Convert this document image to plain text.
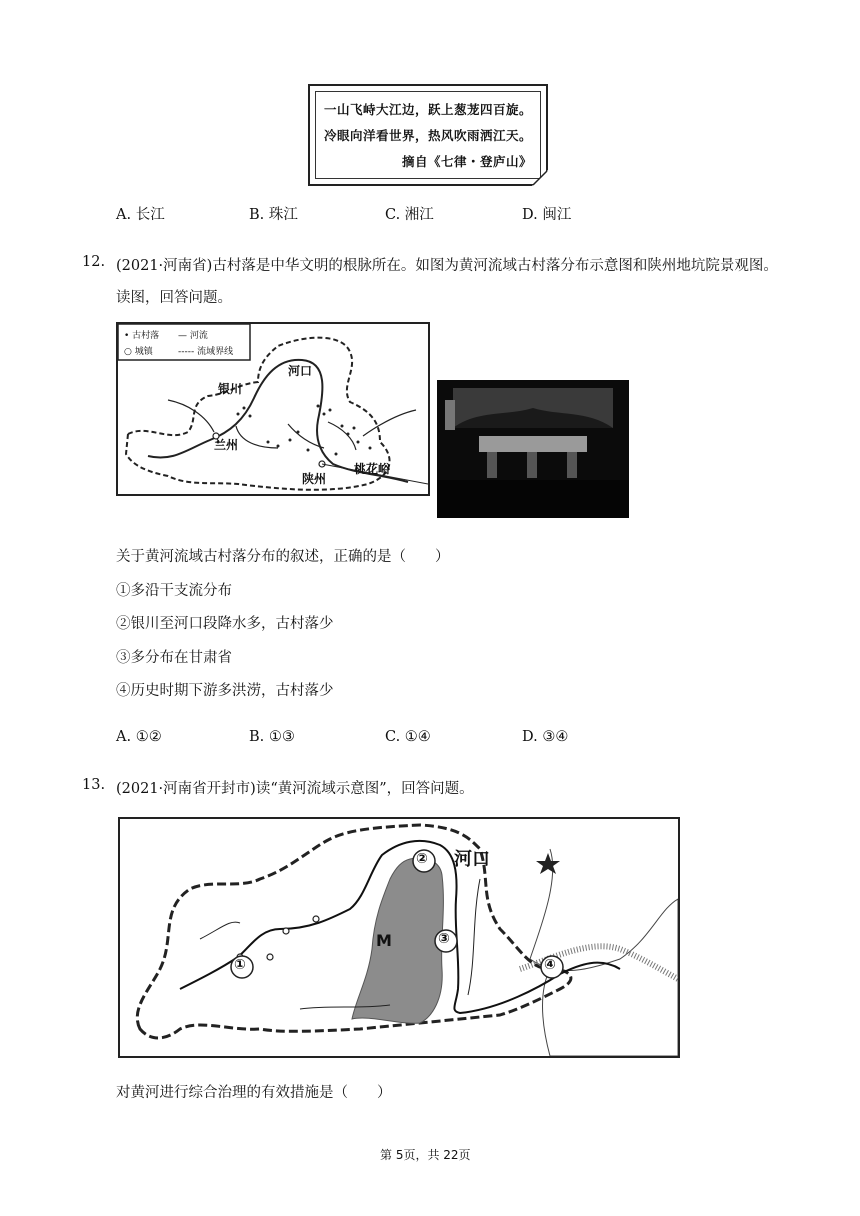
一山飞峙大江边，跃上葱茏四百旋。
冷眼向洋看世界，热风吹雨洒江天。
摘自《七律・登庐山》
A. 长江	B. 珠江	C. 湘江	D. 闽江
12. (2021·河南省)古村落是中华文明的根脉所在。如图为黄河流域古村落分布示意图和陕州地坑院景观图。
读图，回答问题。
• 古村落 — 河流
○ 城镇	----- 流域界线
河口
银川
兰州
陕州
桃花峪
关于黄河流域古村落分布的叙述，正确的是（　　）
①多沿干支流分布
②银川至河口段降水多，古村落少
③多分布在甘肃省
④历史时期下游多洪涝，古村落少
A. ①②	B. ①③	C. ①④	D. ③④
13. (2021·河南省开封市)读“黄河流域示意图”，回答问题。
①
②
③
④
M
河口
对黄河进行综合治理的有效措施是（　　）
第 5页，共 22页
